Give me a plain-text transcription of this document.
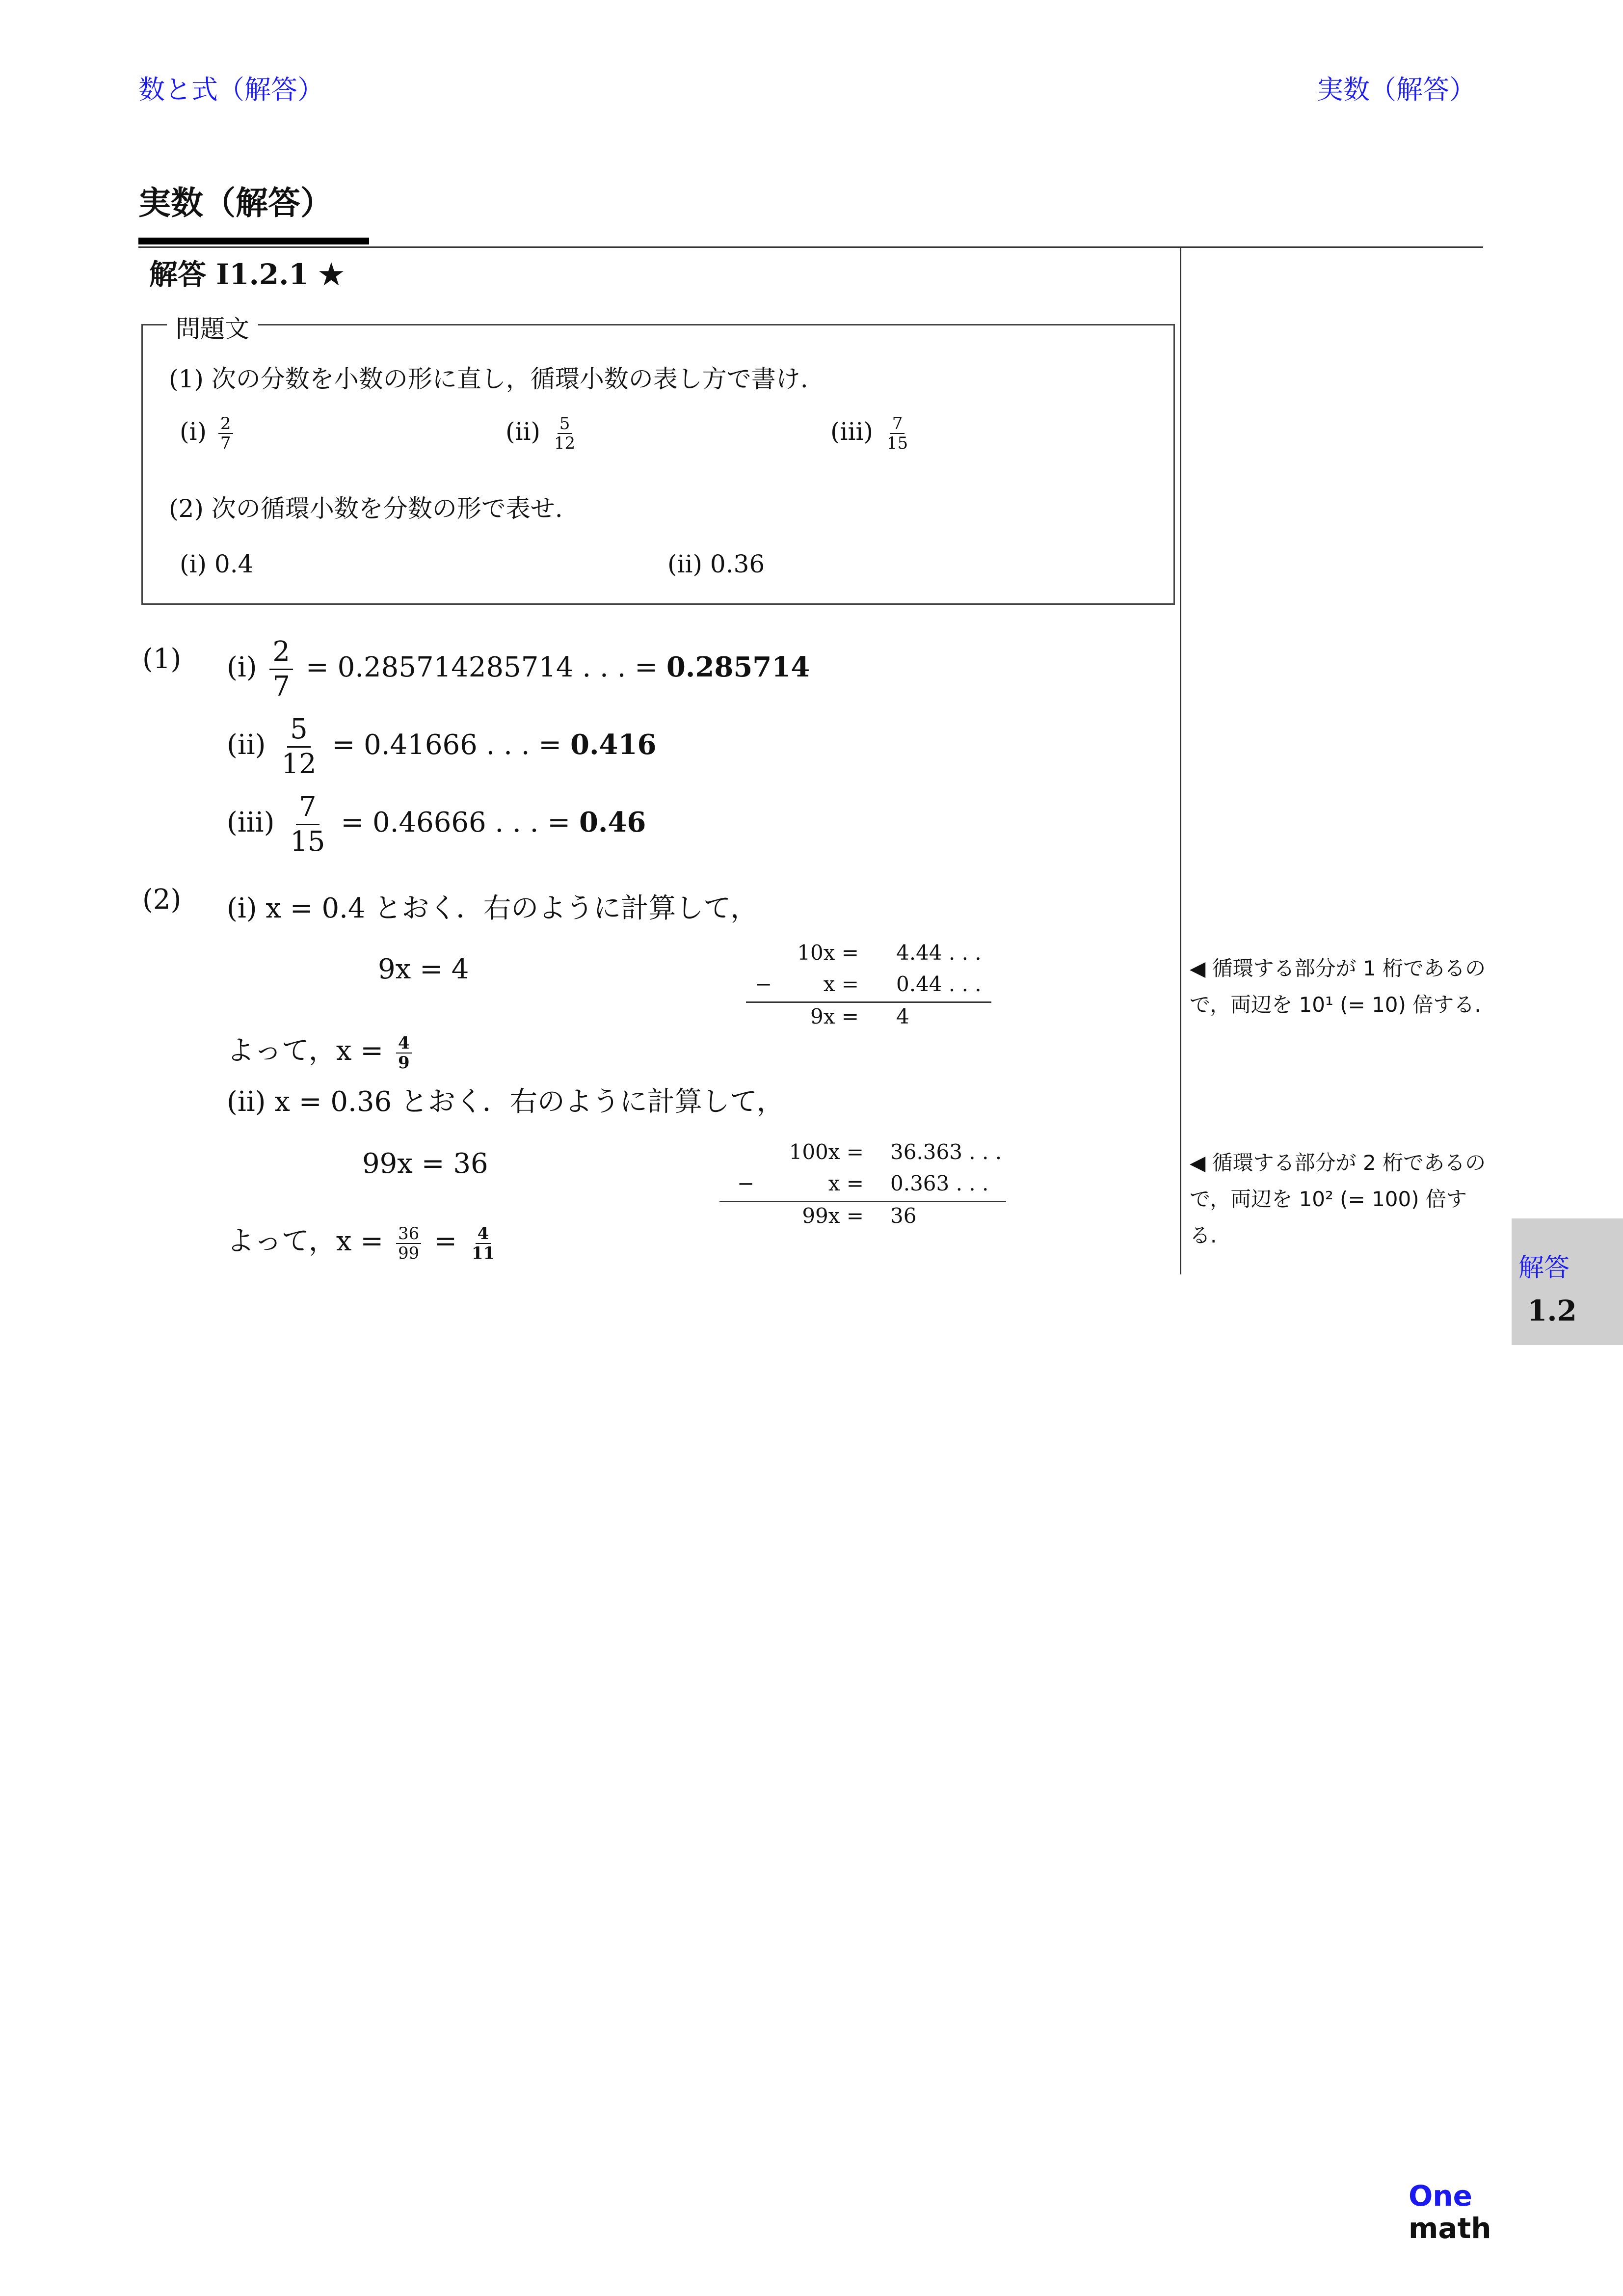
数と式（解答）	実数（解答）
実数（解答）
解答 I1.2.1 ★
問題文
(1) 次の分数を小数の形に直し，循環小数の表し方で書け.
$(i) \frac{2}{7}$	$(ii) \frac{5}{12}$	$(iii) \frac{7}{15}$
(2) 次の循環小数を分数の形で表せ.
(i) 0.4	(ii) 0.36
(1) $(i) \frac{2}{7} = 0.285714285714$ . . . = 0.285714
$(ii) \frac{5}{12} = 0.41666$ . . . = 0.416
$(iii) \frac{7}{15} = 0.46666$ . . . = 0.46
(2) (i) x = 0.4 とおく．右のように計算して，
9x = 4
よって，$x = \frac{4}{9}$
10x = 4.44 . . .
− x = 0.44 . . .
9x = 4
◀ 循環する部分が 1 桁であるので，両辺を 10¹ (= 10) 倍する.
(ii) x = 0.36 とおく．右のように計算して，
99x = 36
よって，$x = \frac{36}{99} = \frac{4}{11}$
100x = 36.363 . . .
−	x = 0.363 . . .
99x = 36
◀ 循環する部分が 2 桁であるので，両辺を 10² (= 100) 倍する.
解答
1.2
One
math
